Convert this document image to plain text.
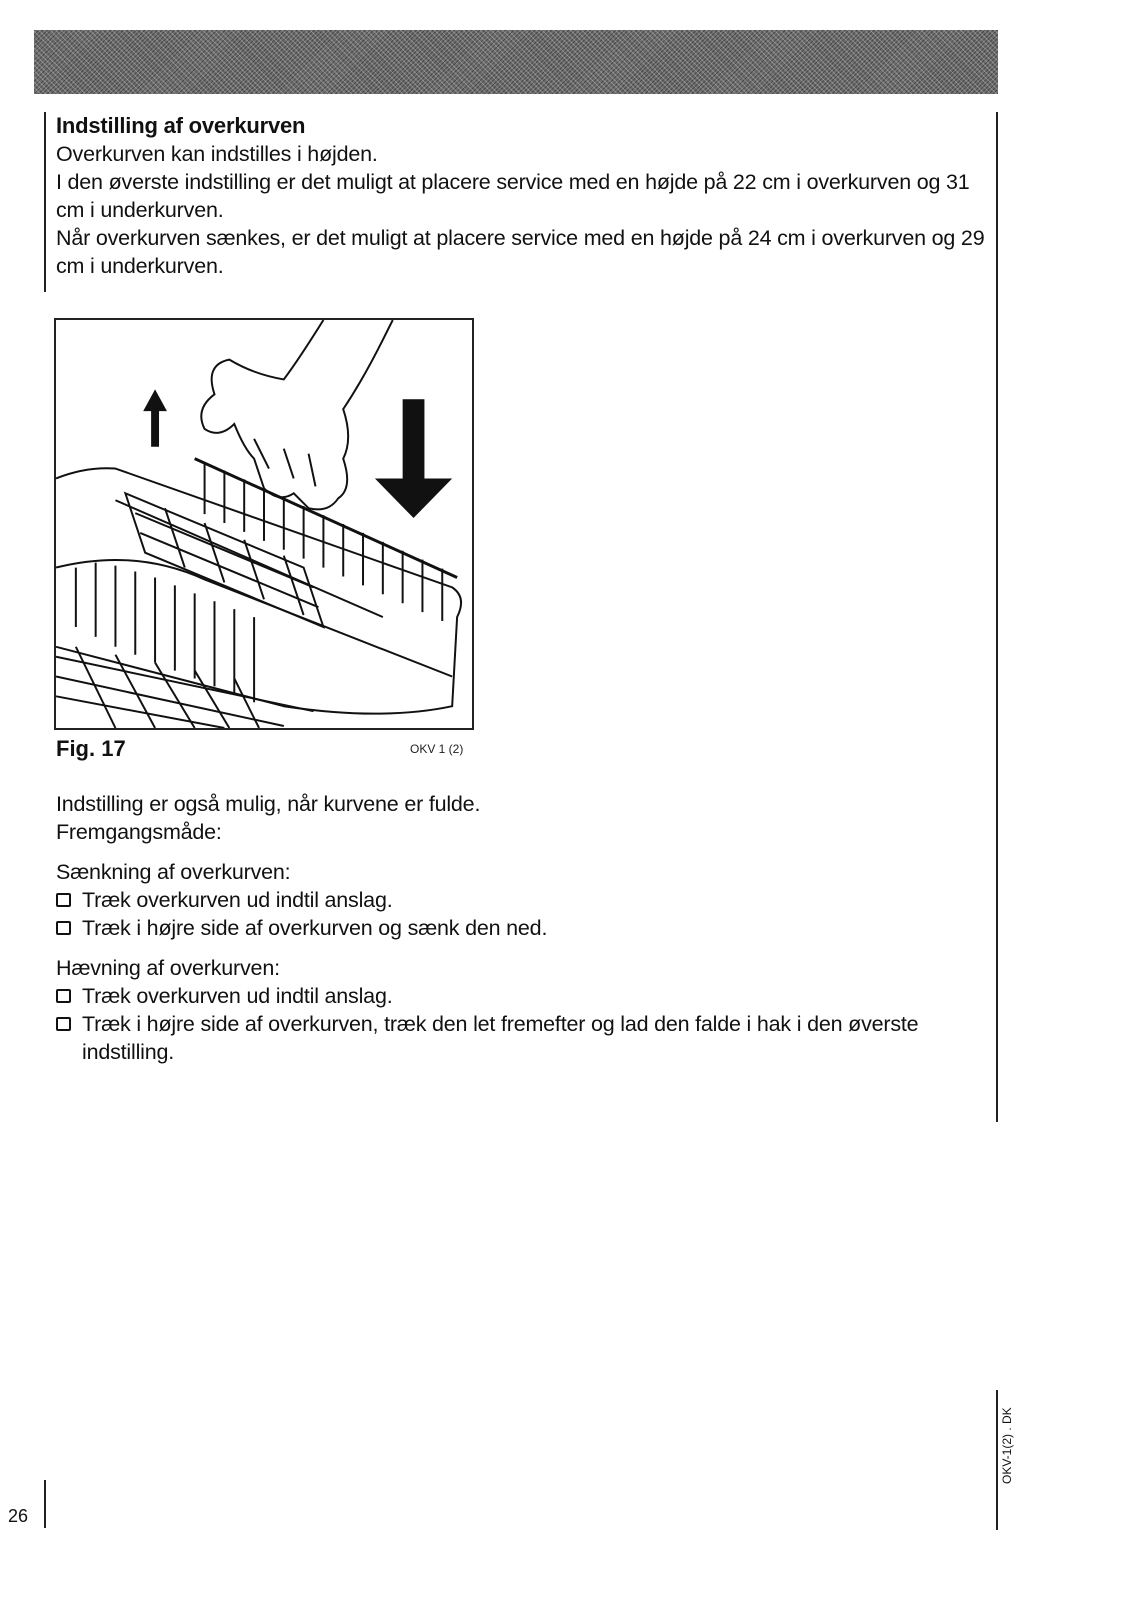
Indstilling af overkurven

Overkurven kan indstilles i højden.

I den øverste indstilling er det muligt at placere service med en højde på 22 cm i overkurven og 31 cm i underkurven.

Når overkurven sænkes, er det muligt at placere service med en højde på 24 cm i overkurven og 29 cm i underkurven.

Fig. 17	OKV 1 (2)

Indstilling er også mulig, når kurvene er fulde.

Fremgangsmåde:

Sænkning af overkurven:

Træk overkurven ud indtil anslag.

Træk i højre side af overkurven og sænk den ned.

Hævning af overkurven:

Træk overkurven ud indtil anslag.

Træk i højre side af overkurven, træk den let fremefter og lad den falde i hak i den øverste indstilling.

26
OKV-1(2) . DK
